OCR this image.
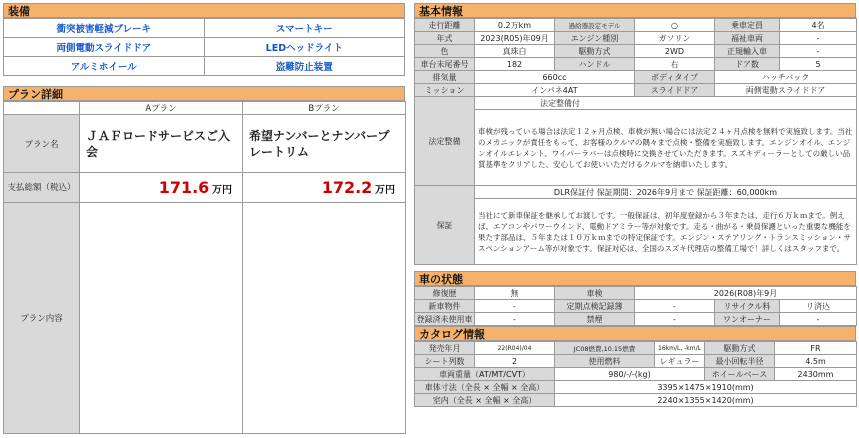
装備
衝突被害軽減ブレーキ	スマートキー
両側電動スライドドア	LEDヘッドライト
アルミホイール	盗難防止装置
プラン詳細
	Aプラン	Bプラン
プラン名	ＪＡＦロードサービスご入会	希望ナンバーとナンバープレートリム
支払総額（税込）	171.6 万円	172.2 万円
プラン内容		
基本情報
走行距離	0.2万km	過給器設定モデル	○	乗車定員	4名
年式	2023(R05)年09月	エンジン種別	ガソリン	福祉車両	-
色	真珠白	駆動方式	2WD	正規輸入車	-
車台末尾番号	182	ハンドル	右	ドア数	5
排気量	660cc		ボディタイプ	ハッチバック	
ミッション	インパネ4AT		スライドドア	両側電動スライドドア	
法定整備	法定整備付				
	車検が残っている場合は法定１２ヶ月点検、車検が無い場合には法定２４ヶ月点検を無料で実施致します。当社のメカニックが責任をもって、お客様のクルマの隅々まで点検・整備を実施致します。エンジンオイル、エンジンオイルエレメント、ワイパーラバーは点検時に交換させていただきます。スズキディーラーとしての厳しい品質基準をクリアした、安心してお使いいただけるクルマを納車いたします。				
保証	DLR保証付 保証期間：2026年9月まで 保証距離：60,000km				
	当社にて新車保証を継承してお渡しです。一般保証は、初年度登録から３年または、走行６万ｋｍまで。例えば、エアコンやパワーウインド、電動ドアミラー等が対象です。走る・曲がる・乗員保護といった重要な機能を果たす部品は、５年または１０万ｋｍまでの特定保証です。エンジン・ステアリング・トランスミッション・サスペンションアーム等が対象です。保証対応は、全国のスズキ代理店の整備工場で！詳しくはスタッフまで。				
車の状態
修復歴	無	車検	2026(R08)年9月		
新車物件	-	定期点検記録簿	-	リサイクル料	リ済込
登録済未使用車	-	禁煙	-	ワンオーナー	-
カタログ情報
発売年月	22(R04)/04	JC08燃費,10.15燃費	16km/L, -km/L	駆動方式	FR
シート列数	2	使用燃料	レギュラー	最小回転半径	4.5m
車両重量（AT/MT/CVT）		980/-/-(kg)		ホイールベース	2430mm
車体寸法（全長 × 全幅 × 全高）		3395×1475×1910(mm)			
室内（全長 × 全幅 × 全高）		2240×1355×1420(mm)			
